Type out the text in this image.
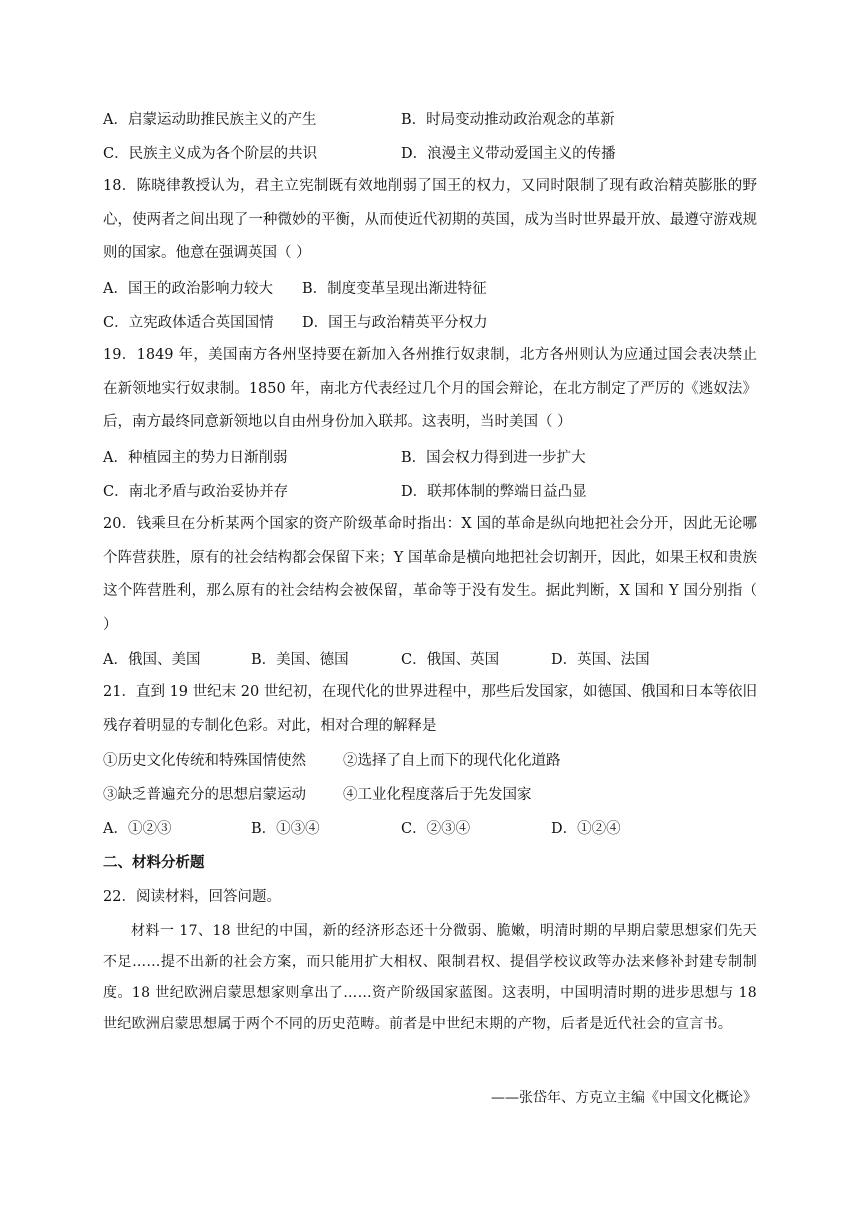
A．启蒙运动助推民族主义的产生	B．时局变动推动政治观念的革新
C．民族主义成为各个阶层的共识	D．浪漫主义带动爱国主义的传播
18．陈晓律教授认为，君主立宪制既有效地削弱了国王的权力，又同时限制了现有政治精英膨胀的野心，使两者之间出现了一种微妙的平衡，从而使近代初期的英国，成为当时世界最开放、最遵守游戏规则的国家。他意在强调英国（ ）
A．国王的政治影响力较大 B．制度变革呈现出渐进特征
C．立宪政体适合英国国情 D．国王与政治精英平分权力
19．1849 年，美国南方各州坚持要在新加入各州推行奴隶制，北方各州则认为应通过国会表决禁止在新领地实行奴隶制。1850 年，南北方代表经过几个月的国会辩论，在北方制定了严厉的《逃奴法》后，南方最终同意新领地以自由州身份加入联邦。这表明，当时美国（ ）
A．种植园主的势力日渐削弱	B．国会权力得到进一步扩大
C．南北矛盾与政治妥协并存	D．联邦体制的弊端日益凸显
20．钱乘旦在分析某两个国家的资产阶级革命时指出：X 国的革命是纵向地把社会分开，因此无论哪个阵营获胜，原有的社会结构都会保留下来；Y 国革命是横向地把社会切割开，因此，如果王权和贵族这个阵营胜利，那么原有的社会结构会被保留，革命等于没有发生。据此判断，X 国和 Y 国分别指（ ）
A．俄国、美国	B．美国、德国	C．俄国、英国	D．英国、法国
21．直到 19 世纪末 20 世纪初，在现代化的世界进程中，那些后发国家，如德国、俄国和日本等依旧残存着明显的专制化色彩。对此，相对合理的解释是
①历史文化传统和特殊国情使然	②选择了自上而下的现代化化道路
③缺乏普遍充分的思想启蒙运动	④工业化程度落后于先发国家
A．①②③	B．①③④	C．②③④	D．①②④
二、材料分析题
22．阅读材料，回答问题。
材料一 17、18 世纪的中国，新的经济形态还十分微弱、脆嫩，明清时期的早期启蒙思想家们先天不足……提不出新的社会方案，而只能用扩大相权、限制君权、提倡学校议政等办法来修补封建专制制度。18 世纪欧洲启蒙思想家则拿出了……资产阶级国家蓝图。这表明，中国明清时期的进步思想与 18 世纪欧洲启蒙思想属于两个不同的历史范畴。前者是中世纪末期的产物，后者是近代社会的宣言书。
——张岱年、方克立主编《中国文化概论》
